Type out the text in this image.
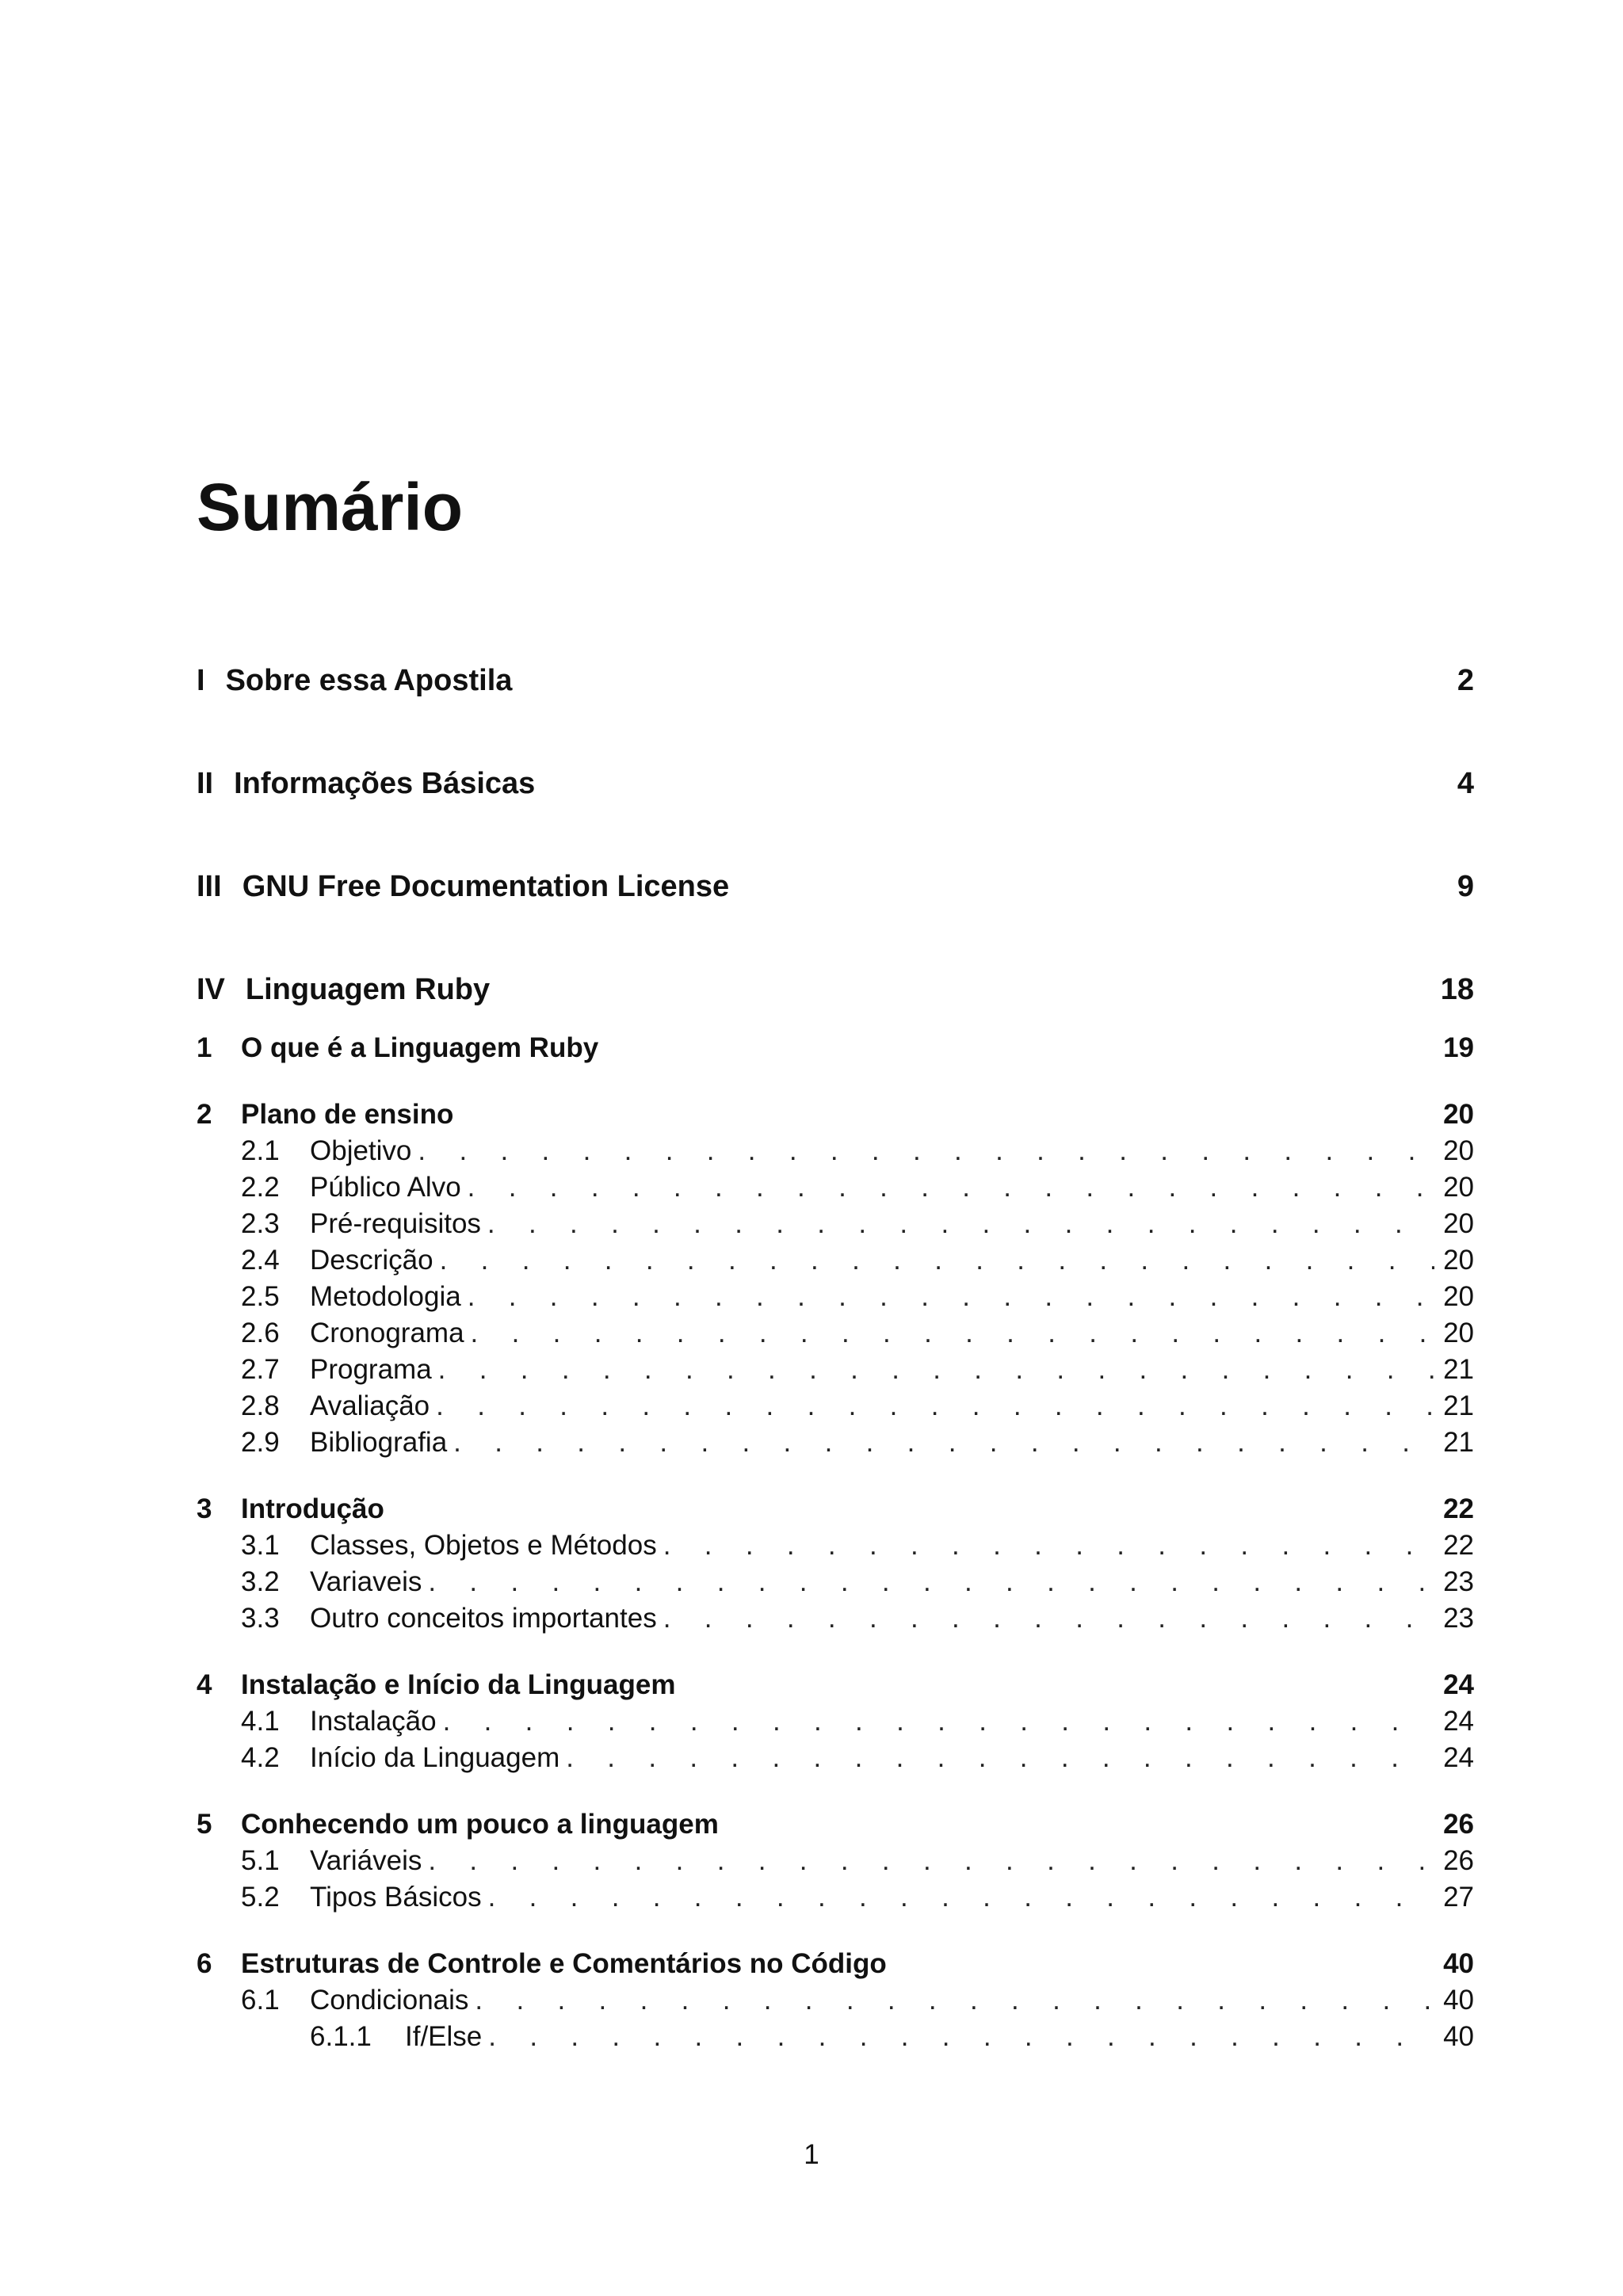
Sumário
I Sobre essa Apostila	2
II Informações Básicas	4
III GNU Free Documentation License	9
IV Linguagem Ruby	18
1	O que é a Linguagem Ruby	19
2	Plano de ensino	20
2.1	Objetivo . . .	20
2.2	Público Alvo . . .	20
2.3	Pré-requisitos . . .	20
2.4	Descrição . . .	20
2.5	Metodologia . . .	20
2.6	Cronograma . . .	20
2.7	Programa . . .	21
2.8	Avaliação . . .	21
2.9	Bibliografia . . .	21
3	Introdução	22
3.1	Classes, Objetos e Métodos . . .	22
3.2	Variaveis . . .	23
3.3	Outro conceitos importantes . . .	23
4	Instalação e Início da Linguagem	24
4.1	Instalação . . .	24
4.2	Início da Linguagem . . .	24
5	Conhecendo um pouco a linguagem	26
5.1	Variáveis . . .	26
5.2	Tipos Básicos . . .	27
6	Estruturas de Controle e Comentários no Código	40
6.1	Condicionais . . .	40
6.1.1	If/Else . . .	40
1
